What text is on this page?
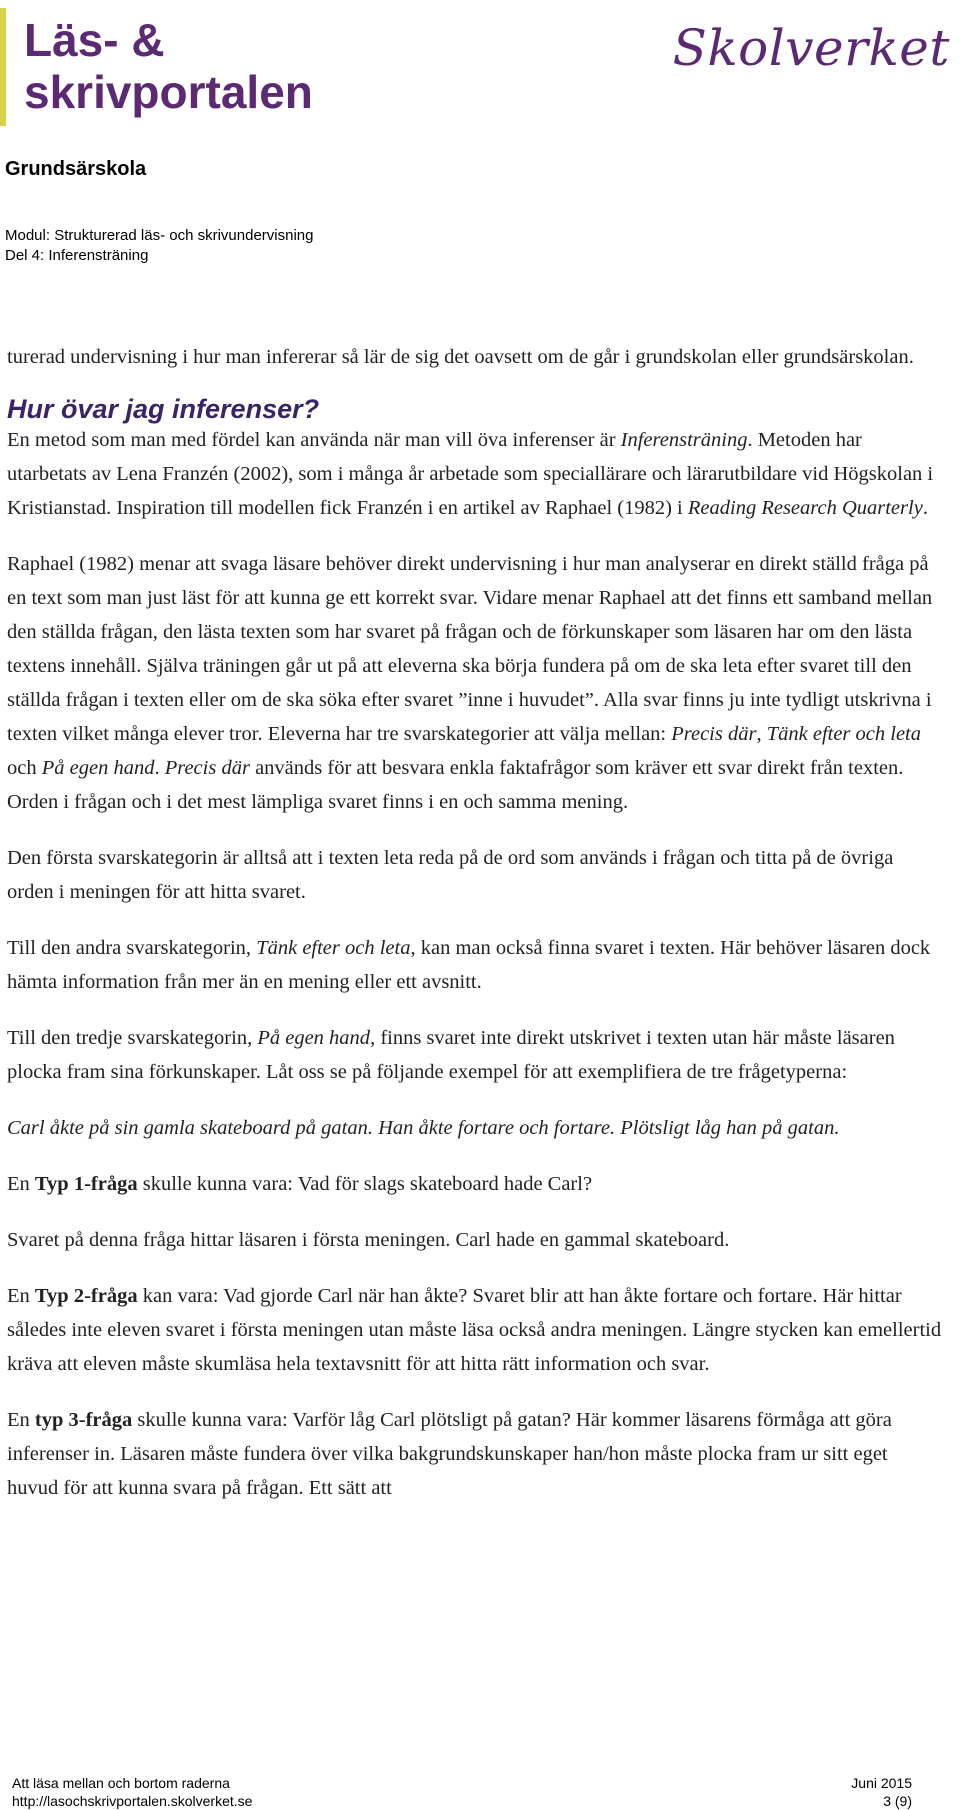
Läs- &
skrivportalen
Skolverket
Grundsärskola
Modul: Strukturerad läs- och skrivundervisning
Del 4: Inferensträning

turerad undervisning i hur man infererar så lär de sig det oavsett om de går i grundskolan eller grundsärskolan.

Hur övar jag inferenser?

En metod som man med fördel kan använda när man vill öva inferenser är Inferensträning. Metoden har utarbetats av Lena Franzén (2002), som i många år arbetade som speciallärare och lärarutbildare vid Högskolan i Kristianstad. Inspiration till modellen fick Franzén i en artikel av Raphael (1982) i Reading Research Quarterly.

Raphael (1982) menar att svaga läsare behöver direkt undervisning i hur man analyserar en direkt ställd fråga på en text som man just läst för att kunna ge ett korrekt svar. Vidare menar Raphael att det finns ett samband mellan den ställda frågan, den lästa texten som har svaret på frågan och de förkunskaper som läsaren har om den lästa textens innehåll. Själva träningen går ut på att eleverna ska börja fundera på om de ska leta efter svaret till den ställda frågan i texten eller om de ska söka efter svaret ”inne i huvudet”. Alla svar finns ju inte tydligt utskrivna i texten vilket många elever tror. Eleverna har tre svarskategorier att välja mellan: Precis där, Tänk efter och leta och På egen hand. Precis där används för att besvara enkla faktafrågor som kräver ett svar direkt från texten. Orden i frågan och i det mest lämpliga svaret finns i en och samma mening.

Den första svarskategorin är alltså att i texten leta reda på de ord som används i frågan och titta på de övriga orden i meningen för att hitta svaret.

Till den andra svarskategorin, Tänk efter och leta, kan man också finna svaret i texten. Här behöver läsaren dock hämta information från mer än en mening eller ett avsnitt.

Till den tredje svarskategorin, På egen hand, finns svaret inte direkt utskrivet i texten utan här måste läsaren plocka fram sina förkunskaper. Låt oss se på följande exempel för att exemplifiera de tre frågetyperna:

Carl åkte på sin gamla skateboard på gatan. Han åkte fortare och fortare. Plötsligt låg han på gatan.

En Typ 1-fråga skulle kunna vara: Vad för slags skateboard hade Carl?

Svaret på denna fråga hittar läsaren i första meningen. Carl hade en gammal skateboard.

En Typ 2-fråga kan vara: Vad gjorde Carl när han åkte? Svaret blir att han åkte fortare och fortare. Här hittar således inte eleven svaret i första meningen utan måste läsa också andra meningen. Längre stycken kan emellertid kräva att eleven måste skumläsa hela textavsnitt för att hitta rätt information och svar.

En typ 3-fråga skulle kunna vara: Varför låg Carl plötsligt på gatan? Här kommer läsarens förmåga att göra inferenser in. Läsaren måste fundera över vilka bakgrundskunskaper han/hon måste plocka fram ur sitt eget huvud för att kunna svara på frågan. Ett sätt att

Att läsa mellan och bortom raderna	Juni 2015
http://lasochskrivportalen.skolverket.se	3 (9)
